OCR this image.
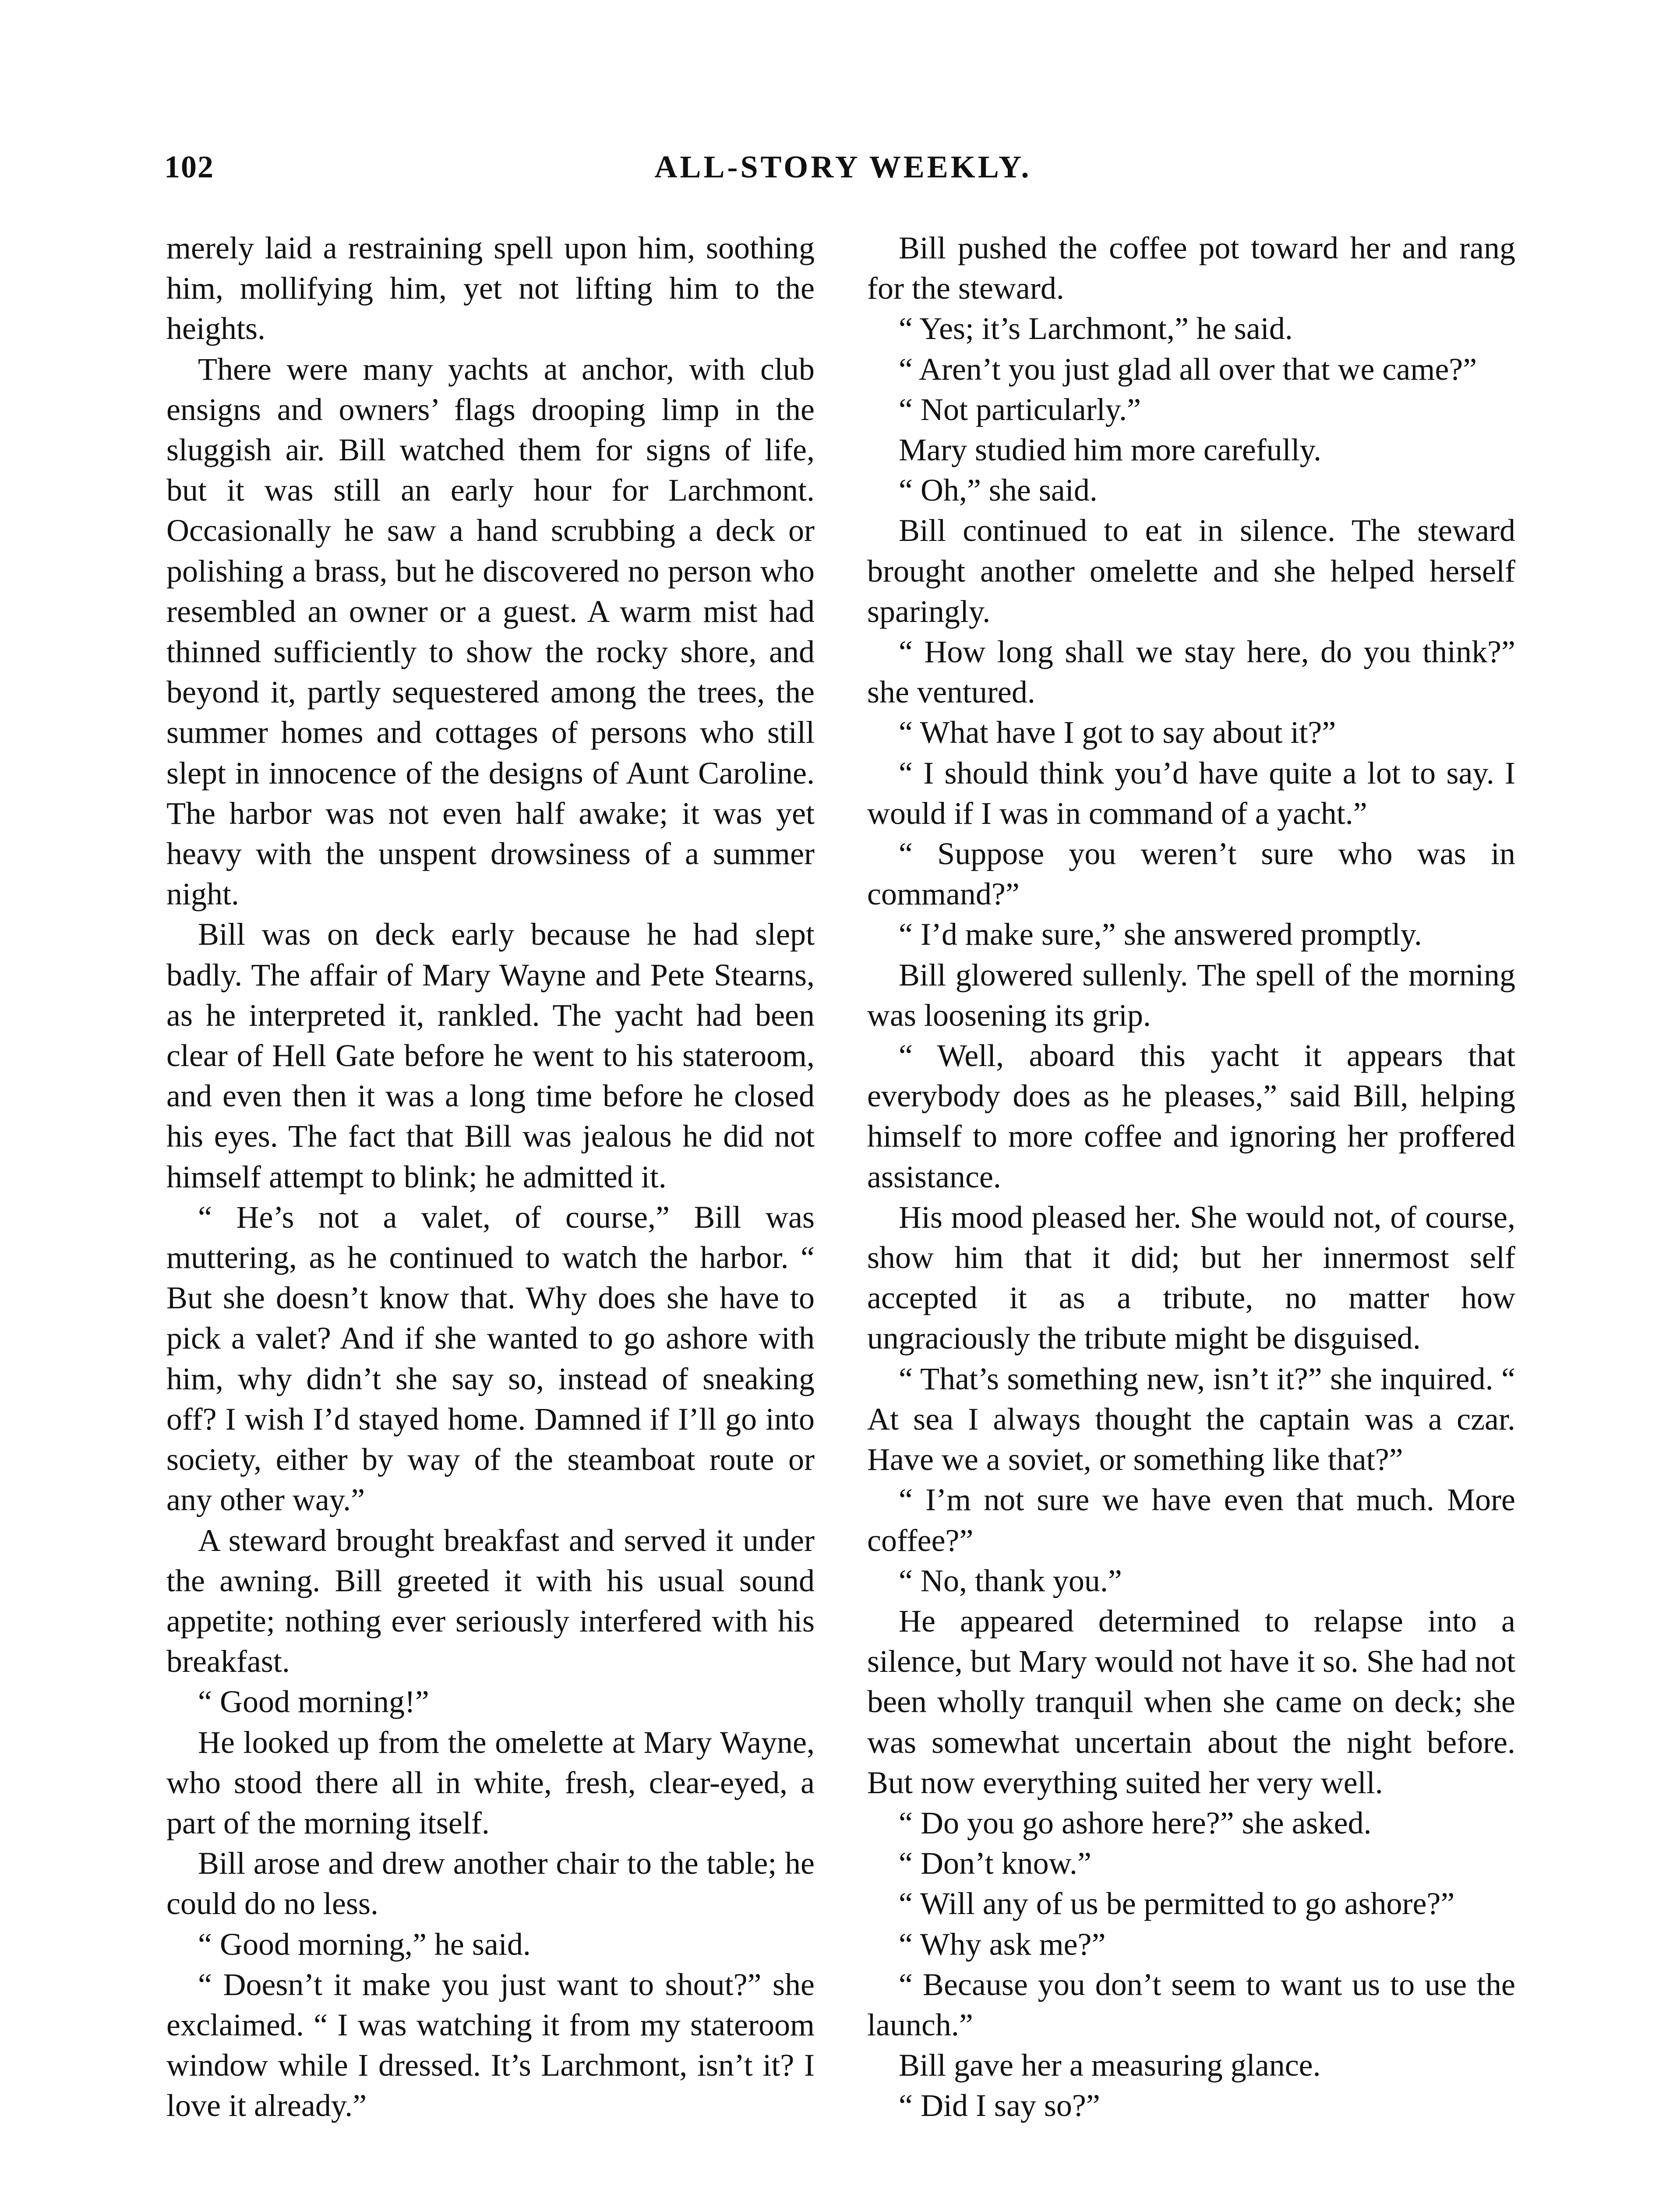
102	ALL-STORY WEEKLY.

merely laid a restraining spell upon him, soothing him, mollifying him, yet not lifting him to the heights.

There were many yachts at anchor, with club ensigns and owners’ flags drooping limp in the sluggish air. Bill watched them for signs of life, but it was still an early hour for Larchmont. Occasionally he saw a hand scrubbing a deck or polishing a brass, but he discovered no person who resembled an owner or a guest. A warm mist had thinned sufficiently to show the rocky shore, and beyond it, partly sequestered among the trees, the summer homes and cottages of persons who still slept in innocence of the designs of Aunt Caroline. The harbor was not even half awake; it was yet heavy with the unspent drowsiness of a summer night.

Bill was on deck early because he had slept badly. The affair of Mary Wayne and Pete Stearns, as he interpreted it, rankled. The yacht had been clear of Hell Gate before he went to his stateroom, and even then it was a long time before he closed his eyes. The fact that Bill was jealous he did not himself attempt to blink; he admitted it.

“ He’s not a valet, of course,” Bill was muttering, as he continued to watch the harbor. “ But she doesn’t know that. Why does she have to pick a valet? And if she wanted to go ashore with him, why didn’t she say so, instead of sneaking off? I wish I’d stayed home. Damned if I’ll go into society, either by way of the steamboat route or any other way.”

A steward brought breakfast and served it under the awning. Bill greeted it with his usual sound appetite; nothing ever seriously interfered with his breakfast.

“ Good morning!”

He looked up from the omelette at Mary Wayne, who stood there all in white, fresh, clear-eyed, a part of the morning itself.

Bill arose and drew another chair to the table; he could do no less.

“ Good morning,” he said.

“ Doesn’t it make you just want to shout?” she exclaimed. “ I was watching it from my stateroom window while I dressed. It’s Larchmont, isn’t it? I love it already.”

Bill pushed the coffee pot toward her and rang for the steward.

“ Yes; it’s Larchmont,” he said.

“ Aren’t you just glad all over that we came?”

“ Not particularly.”

Mary studied him more carefully.

“ Oh,” she said.

Bill continued to eat in silence. The steward brought another omelette and she helped herself sparingly.

“ How long shall we stay here, do you think?” she ventured.

“ What have I got to say about it?”

“ I should think you’d have quite a lot to say. I would if I was in command of a yacht.”

“ Suppose you weren’t sure who was in command?”

“ I’d make sure,” she answered promptly.

Bill glowered sullenly. The spell of the morning was loosening its grip.

“ Well, aboard this yacht it appears that everybody does as he pleases,” said Bill, helping himself to more coffee and ignoring her proffered assistance.

His mood pleased her. She would not, of course, show him that it did; but her innermost self accepted it as a tribute, no matter how ungraciously the tribute might be disguised.

“ That’s something new, isn’t it?” she inquired. “ At sea I always thought the captain was a czar. Have we a soviet, or something like that?”

“ I’m not sure we have even that much. More coffee?”

“ No, thank you.”

He appeared determined to relapse into a silence, but Mary would not have it so. She had not been wholly tranquil when she came on deck; she was somewhat uncertain about the night before. But now everything suited her very well.

“ Do you go ashore here?” she asked.

“ Don’t know.”

“ Will any of us be permitted to go ashore?”

“ Why ask me?”

“ Because you don’t seem to want us to use the launch.”

Bill gave her a measuring glance.

“ Did I say so?”
